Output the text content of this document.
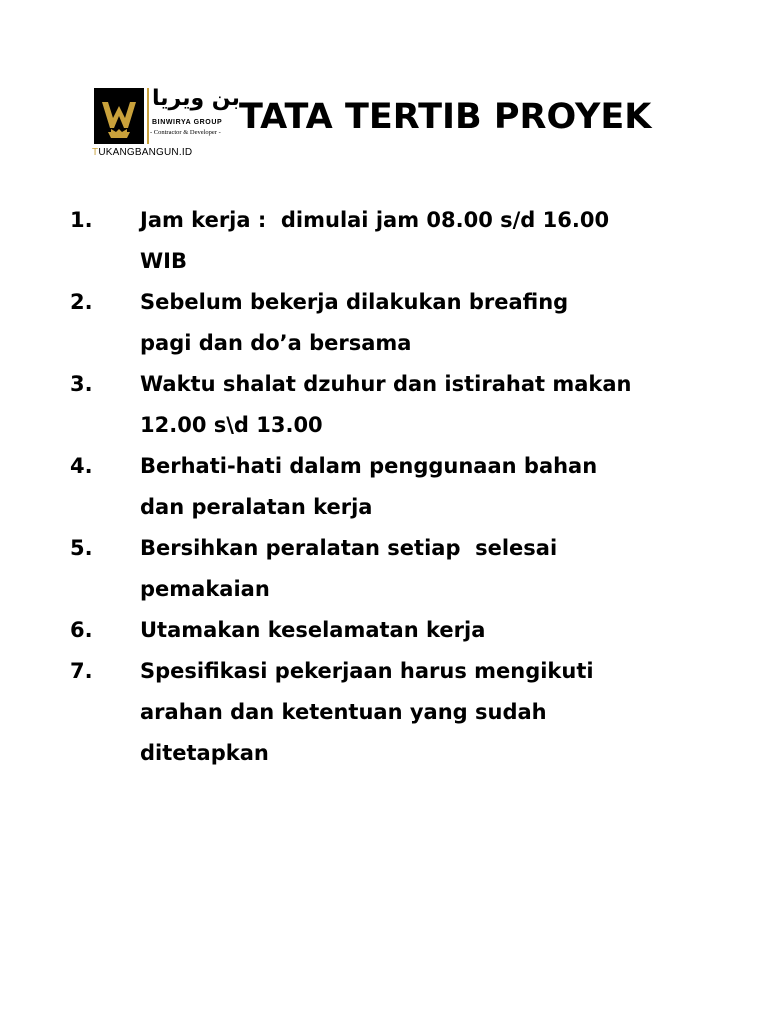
بن ويريا
BINWIRYA GROUP
- Contractor & Developer -
TUKANGBANGUN.ID
TATA TERTIB PROYEK
1.	Jam kerja :  dimulai jam 08.00 s/d 16.00
WIB
2.	Sebelum bekerja dilakukan breafing
pagi dan do’a bersama
3.	Waktu shalat dzuhur dan istirahat makan
12.00 s\d 13.00
4.	Berhati-hati dalam penggunaan bahan
dan peralatan kerja
5.	Bersihkan peralatan setiap  selesai
pemakaian
6.	Utamakan keselamatan kerja
7.	Spesifikasi pekerjaan harus mengikuti
arahan dan ketentuan yang sudah
ditetapkan
